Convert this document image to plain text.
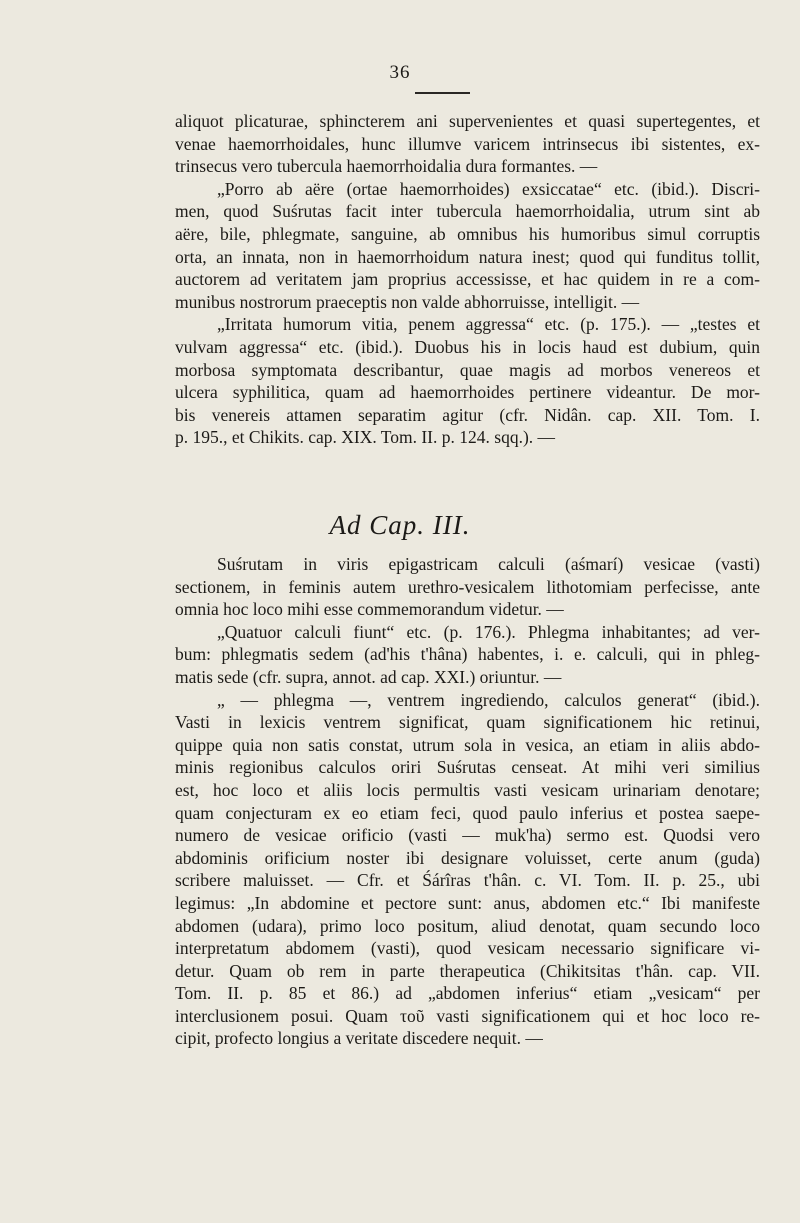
36
aliquot plicaturae, sphincterem ani supervenientes et quasi supertegentes, et
venae haemorrhoidales, hunc illumve varicem intrinsecus ibi sistentes, ex-
trinsecus vero tubercula haemorrhoidalia dura formantes. —
„Porro ab aëre (ortae haemorrhoides) exsiccatae“ etc. (ibid.). Discri-
men, quod Suśrutas facit inter tubercula haemorrhoidalia, utrum sint ab
aëre, bile, phlegmate, sanguine, ab omnibus his humoribus simul corruptis
orta, an innata, non in haemorrhoidum natura inest; quod qui funditus tollit,
auctorem ad veritatem jam proprius accessisse, et hac quidem in re a com-
munibus nostrorum praeceptis non valde abhorruisse, intelligit. —
„Irritata humorum vitia, penem aggressa“ etc. (p. 175.). — „testes et
vulvam aggressa“ etc. (ibid.). Duobus his in locis haud est dubium, quin
morbosa symptomata describantur, quae magis ad morbos venereos et
ulcera syphilitica, quam ad haemorrhoides pertinere videantur. De mor-
bis venereis attamen separatim agitur (cfr. Nidân. cap. XII. Tom. I.
p. 195., et Chikits. cap. XIX. Tom. II. p. 124. sqq.). —
Ad Cap. III.
Suśrutam in viris epigastricam calculi (aśmarí) vesicae (vasti)
sectionem, in feminis autem urethro-vesicalem lithotomiam perfecisse, ante
omnia hoc loco mihi esse commemorandum videtur. —
„Quatuor calculi fiunt“ etc. (p. 176.). Phlegma inhabitantes; ad ver-
bum: phlegmatis sedem (ad'his t'hâna) habentes, i. e. calculi, qui in phleg-
matis sede (cfr. supra, annot. ad cap. XXI.) oriuntur. —
„ — phlegma —, ventrem ingrediendo, calculos generat“ (ibid.).
Vasti in lexicis ventrem significat, quam significationem hic retinui,
quippe quia non satis constat, utrum sola in vesica, an etiam in aliis abdo-
minis regionibus calculos oriri Suśrutas censeat. At mihi veri similius
est, hoc loco et aliis locis permultis vasti vesicam urinariam denotare;
quam conjecturam ex eo etiam feci, quod paulo inferius et postea saepe-
numero de vesicae orificio (vasti — muk'ha) sermo est. Quodsi vero
abdominis orificium noster ibi designare voluisset, certe anum (guda)
scribere maluisset. — Cfr. et Śárîras t'hân. c. VI. Tom. II. p. 25., ubi
legimus: „In abdomine et pectore sunt: anus, abdomen etc.“ Ibi manifeste
abdomen (udara), primo loco positum, aliud denotat, quam secundo loco
interpretatum abdomem (vasti), quod vesicam necessario significare vi-
detur. Quam ob rem in parte therapeutica (Chikitsitas t'hân. cap. VII.
Tom. II. p. 85 et 86.) ad „abdomen inferius“ etiam „vesicam“ per
interclusionem posui. Quam τοῦ vasti significationem qui et hoc loco re-
cipit, profecto longius a veritate discedere nequit. —
